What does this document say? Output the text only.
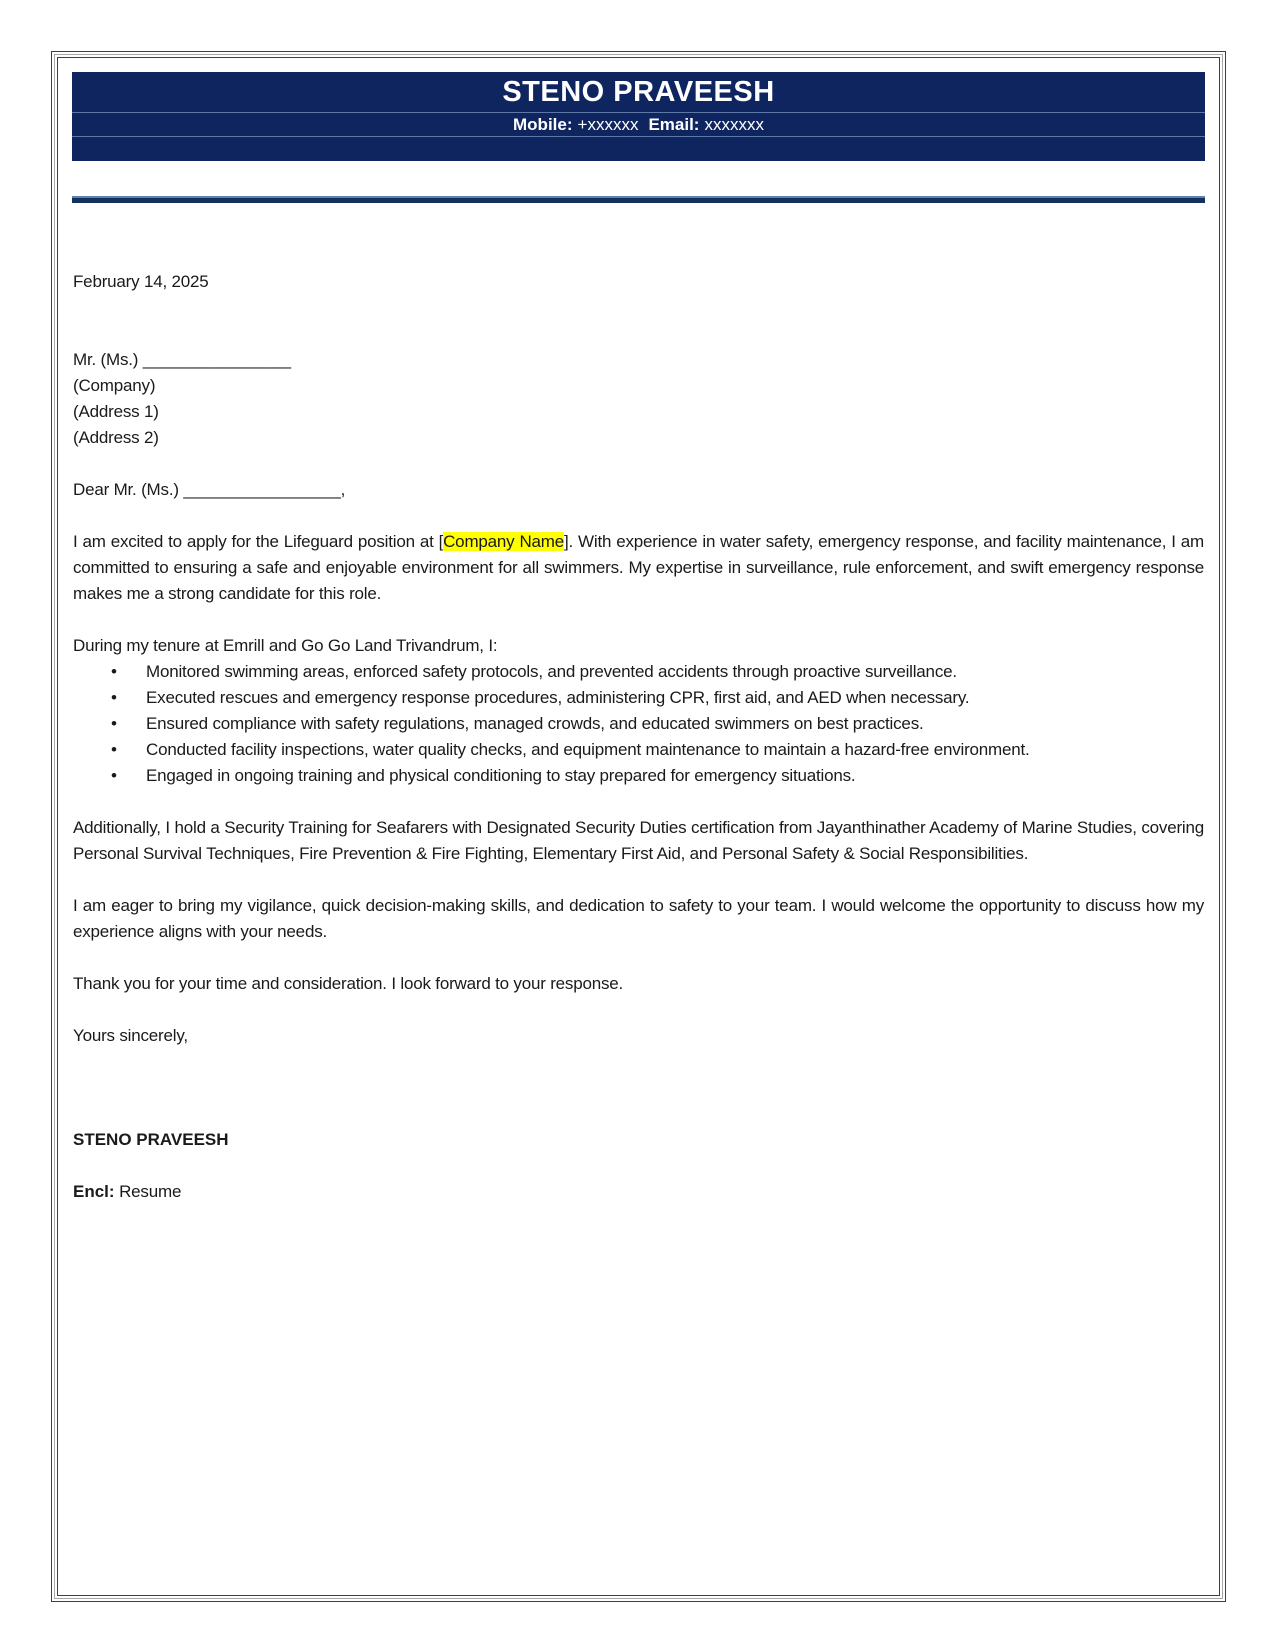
STENO PRAVEESH
Mobile: +xxxxxx Email: xxxxxxx

February 14, 2025

Mr. (Ms.) ________________

(Company)

(Address 1)

(Address 2)

Dear Mr. (Ms.) _________________,

I am excited to apply for the Lifeguard position at [Company Name]. With experience in water safety, emergency response, and facility maintenance, I am committed to ensuring a safe and enjoyable environment for all swimmers. My expertise in surveillance, rule enforcement, and swift emergency response makes me a strong candidate for this role.

During my tenure at Emrill and Go Go Land Trivandrum, I:

• Monitored swimming areas, enforced safety protocols, and prevented accidents through proactive surveillance.
• Executed rescues and emergency response procedures, administering CPR, first aid, and AED when necessary.
• Ensured compliance with safety regulations, managed crowds, and educated swimmers on best practices.
• Conducted facility inspections, water quality checks, and equipment maintenance to maintain a hazard-free environment.
• Engaged in ongoing training and physical conditioning to stay prepared for emergency situations.

Additionally, I hold a Security Training for Seafarers with Designated Security Duties certification from Jayanthinather Academy of Marine Studies, covering Personal Survival Techniques, Fire Prevention & Fire Fighting, Elementary First Aid, and Personal Safety & Social Responsibilities.

I am eager to bring my vigilance, quick decision-making skills, and dedication to safety to your team. I would welcome the opportunity to discuss how my experience aligns with your needs.

Thank you for your time and consideration. I look forward to your response.

Yours sincerely,

STENO PRAVEESH

Encl: Resume
